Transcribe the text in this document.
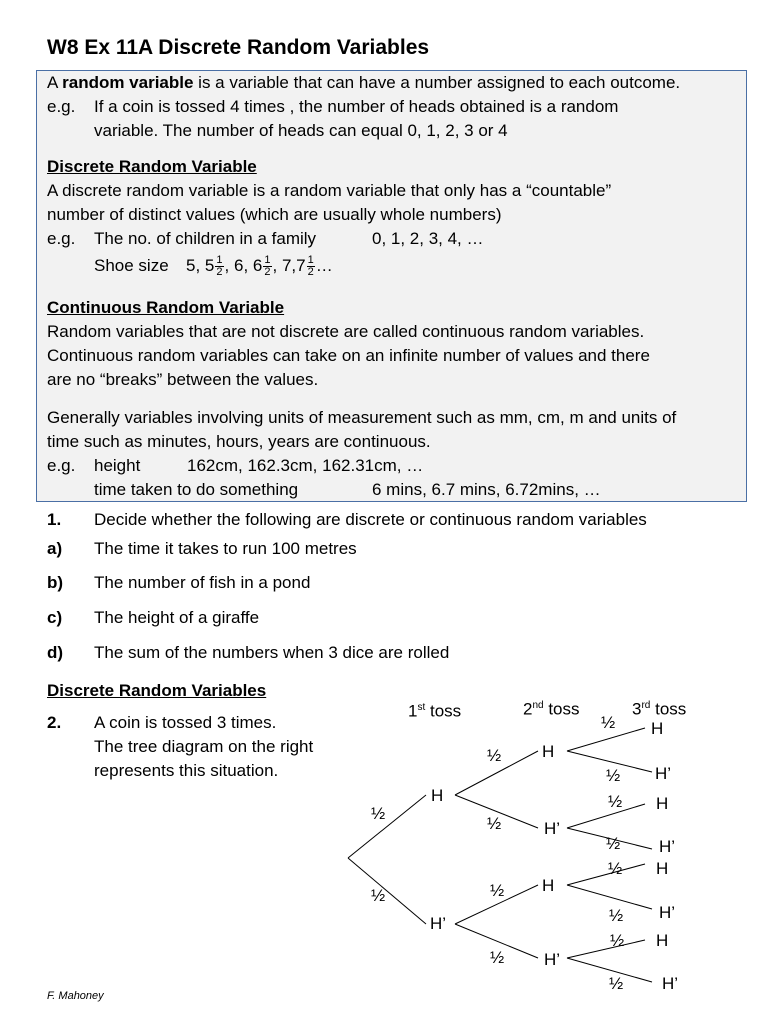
W8 Ex 11A Discrete Random Variables
A random variable is a variable that can have a number assigned to each outcome.
e.g. If a coin is tossed 4 times , the number of heads obtained is a random
variable. The number of heads can equal 0, 1, 2, 3 or 4
Discrete Random Variable
A discrete random variable is a random variable that only has a “countable”
number of distinct values (which are usually whole numbers)
e.g. The no. of children in a family	0, 1, 2, 3, 4, …
Shoe size 5, $5 \frac{1}{2}$ , 6, $6 \frac{1}{2}$ , $7,7 \frac{1}{2}$ …
Continuous Random Variable
Random variables that are not discrete are called continuous random variables.
Continuous random variables can take on an infinite number of values and there
are no “breaks” between the values.
Generally variables involving units of measurement such as mm, cm, m and units of
time such as minutes, hours, years are continuous.
e.g. height	162cm, 162.3cm, 162.31cm, …
time taken to do something	6 mins, 6.7 mins, 6.72mins, …
1. Decide whether the following are discrete or continuous random variables
a) The time it takes to run 100 metres
b) The number of fish in a pond
c) The height of a giraffe
d) The sum of the numbers when 3 dice are rolled
Discrete Random Variables
2. A coin is tossed 3 times.
The tree diagram on the right
represents this situation.
1st toss	2nd toss	3rd toss
H
H’
H
H’
H
H’
H
H’
H
H’
H
H’
H
H’
½
½
½
½
½
½
½
½
½
½
½
½
½
½
F. Mahoney
